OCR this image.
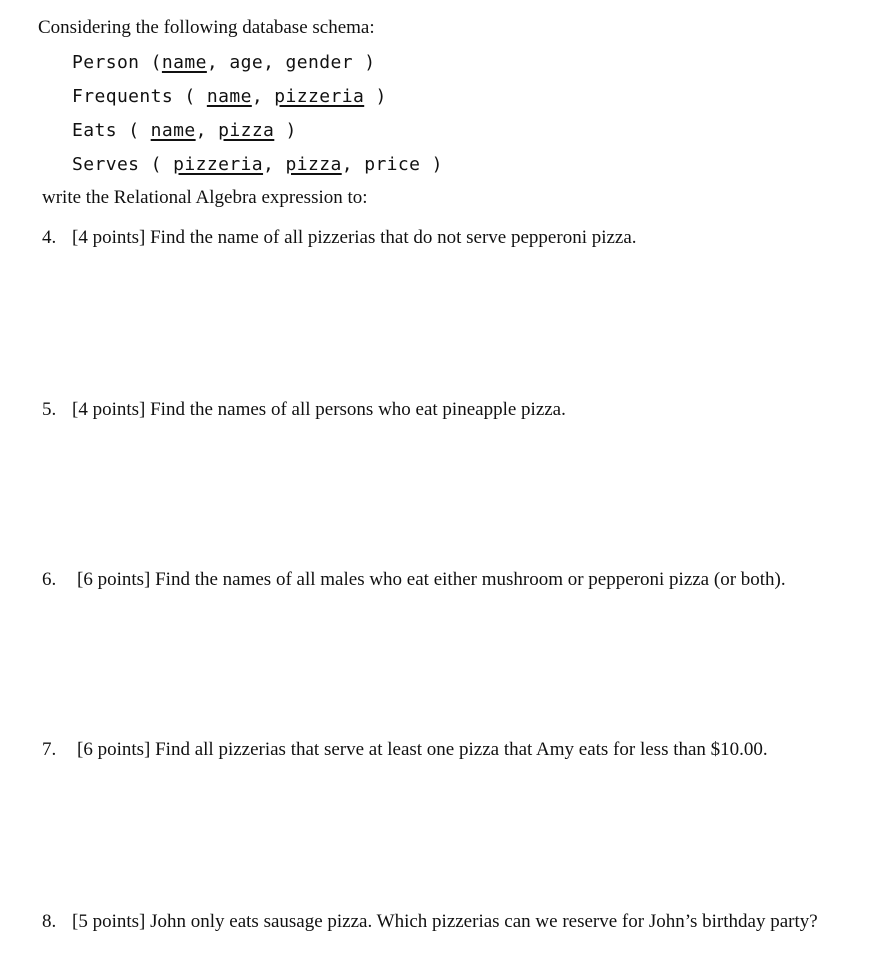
Considering the following database schema:
Person (name, age, gender )
Frequents ( name, pizzeria )
Eats ( name, pizza )
Serves ( pizzeria, pizza, price )
write the Relational Algebra expression to:
4. [4 points] Find the name of all pizzerias that do not serve pepperoni pizza.
5. [4 points] Find the names of all persons who eat pineapple pizza.
6. [6 points] Find the names of all males who eat either mushroom or pepperoni pizza (or both).
7. [6 points] Find all pizzerias that serve at least one pizza that Amy eats for less than $10.00.
8. [5 points] John only eats sausage pizza. Which pizzerias can we reserve for John’s birthday party?
